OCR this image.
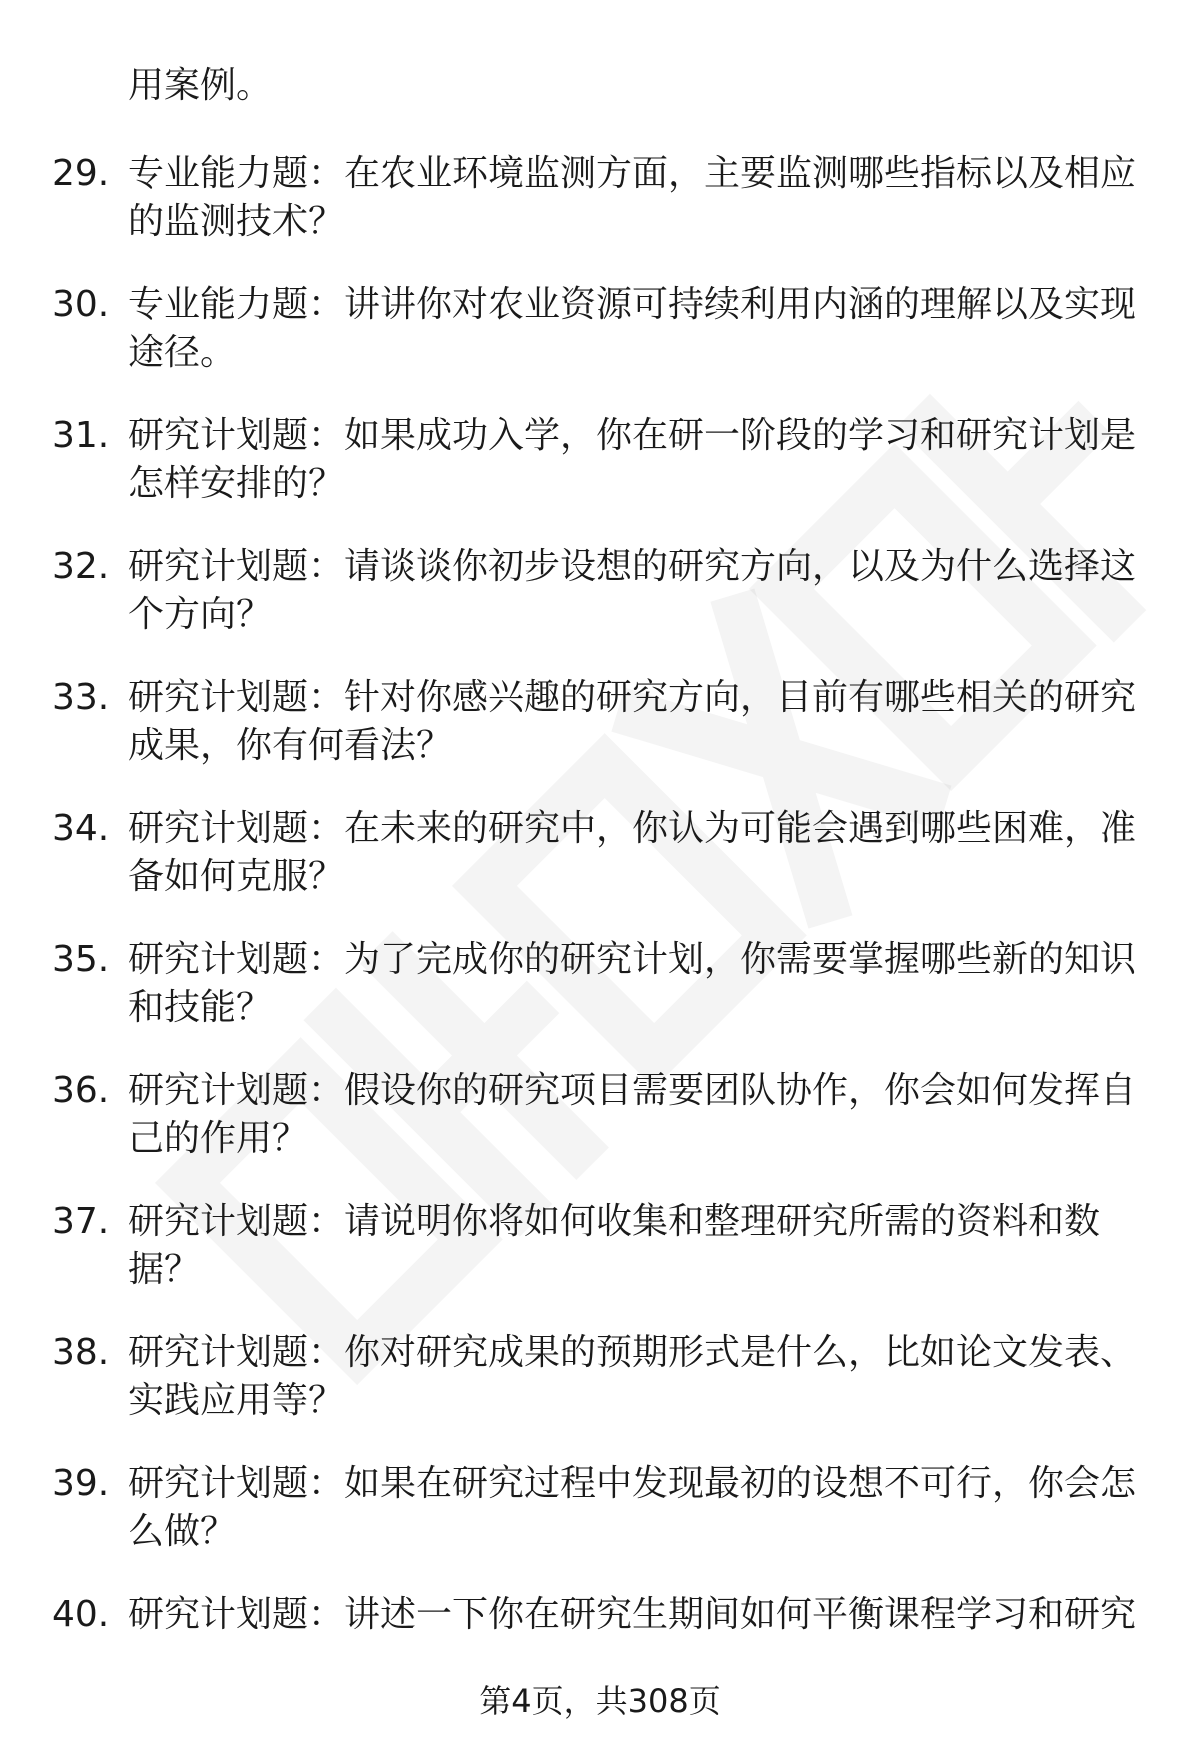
用案例。
29. 专业能力题：在农业环境监测方面，主要监测哪些指标以及相应
的监测技术？
30. 专业能力题：讲讲你对农业资源可持续利用内涵的理解以及实现
途径。
31. 研究计划题：如果成功入学，你在研一阶段的学习和研究计划是
怎样安排的？
32. 研究计划题：请谈谈你初步设想的研究方向，以及为什么选择这
个方向？
33. 研究计划题：针对你感兴趣的研究方向，目前有哪些相关的研究
成果，你有何看法？
34. 研究计划题：在未来的研究中，你认为可能会遇到哪些困难，准
备如何克服？
35. 研究计划题：为了完成你的研究计划，你需要掌握哪些新的知识
和技能？
36. 研究计划题：假设你的研究项目需要团队协作，你会如何发挥自
己的作用？
37. 研究计划题：请说明你将如何收集和整理研究所需的资料和数
据？
38. 研究计划题：你对研究成果的预期形式是什么，比如论文发表、
实践应用等？
39. 研究计划题：如果在研究过程中发现最初的设想不可行，你会怎
么做？
40. 研究计划题：讲述一下你在研究生期间如何平衡课程学习和研究
第4页，共308页
